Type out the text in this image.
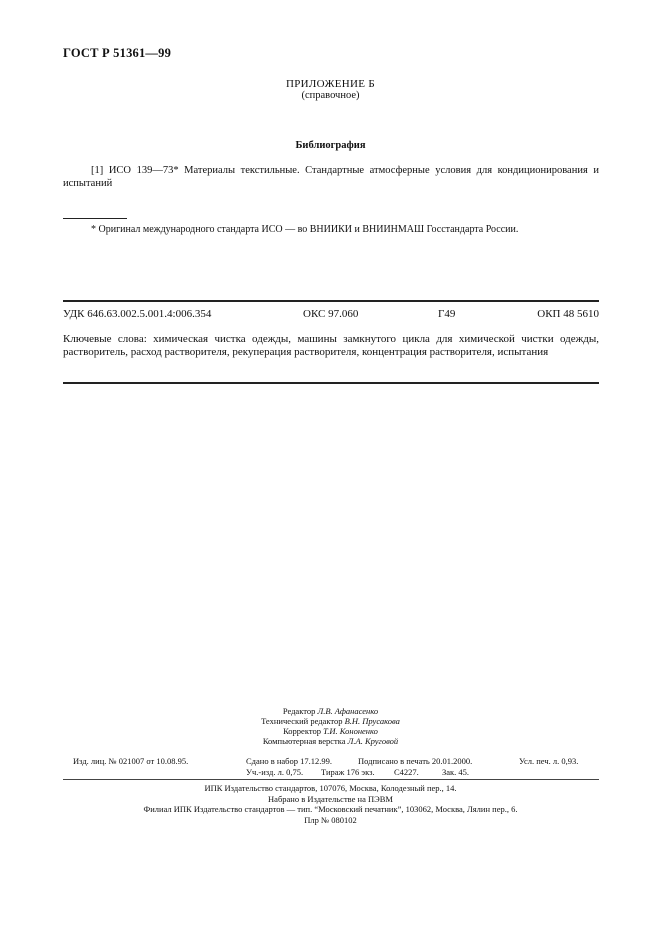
ГОСТ Р 51361—99
ПРИЛОЖЕНИЕ Б
(справочное)
Библиография
[1] ИСО 139—73* Материалы текстильные. Стандартные атмосферные условия для кондиционирования и испытаний
* Оригинал международного стандарта ИСО — во ВНИИКИ и ВНИИНМАШ Госстандарта России.
УДК 646.63.002.5.001.4:006.354	ОКС 97.060	Г49	ОКП 48 5610
Ключевые слова: химическая чистка одежды, машины замкнутого цикла для химической чистки одежды, растворитель, расход растворителя, рекуперация растворителя, концентрация растворителя, испытания
Редактор Л.В. Афанасенко
Технический редактор В.Н. Прусакова
Корректор Т.И. Кононенко
Компьютерная верстка Л.А. Круговой
Изд. лиц. № 021007 от 10.08.95.	Сдано в набор 17.12.99.	Подписано в печать 20.01.2000.	Усл. печ. л. 0,93.
Уч.-изд. л. 0,75. Тираж 176 экз. С4227.	Зак. 45.
ИПК Издательство стандартов, 107076, Москва, Колодезный пер., 14.
Набрано в Издательстве на ПЭВМ
Филиал ИПК Издательство стандартов — тип. “Московский печатник”, 103062, Москва, Лялин пер., 6.
Плр № 080102
